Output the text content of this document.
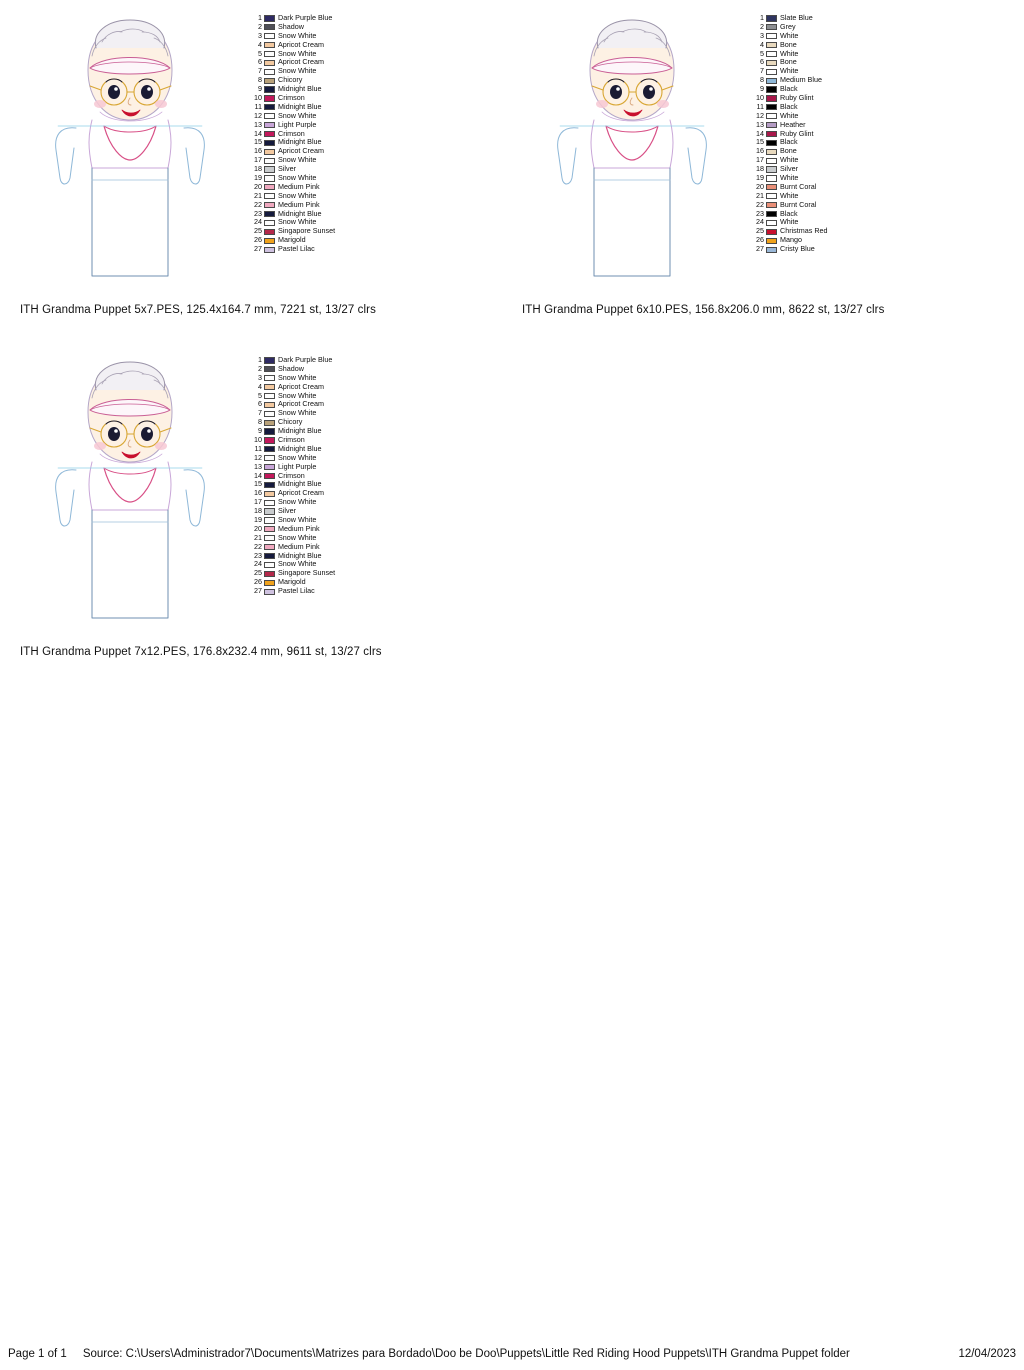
1 Dark Purple Blue
2 Shadow
3 Snow White
4 Apricot Cream
5 Snow White
6 Apricot Cream
7 Snow White
8 Chicory
9 Midnight Blue
10 Crimson
11 Midnight Blue
12 Snow White
13 Light Purple
14 Crimson
15 Midnight Blue
16 Apricot Cream
17 Snow White
18 Silver
19 Snow White
20 Medium Pink
21 Snow White
22 Medium Pink
23 Midnight Blue
24 Snow White
25 Singapore Sunset
26 Marigold
27 Pastel Lilac
ITH Grandma Puppet 5x7.PES, 125.4x164.7 mm, 7221 st, 13/27 clrs
1 Slate Blue
2 Grey
3 White
4 Bone
5 White
6 Bone
7 White
8 Medium Blue
9 Black
10 Ruby Glint
11 Black
12 White
13 Heather
14 Ruby Glint
15 Black
16 Bone
17 White
18 Silver
19 White
20 Burnt Coral
21 White
22 Burnt Coral
23 Black
24 White
25 Christmas Red
26 Mango
27 Cristy Blue
ITH Grandma Puppet 6x10.PES, 156.8x206.0 mm, 8622 st, 13/27 clrs
1 Dark Purple Blue
2 Shadow
3 Snow White
4 Apricot Cream
5 Snow White
6 Apricot Cream
7 Snow White
8 Chicory
9 Midnight Blue
10 Crimson
11 Midnight Blue
12 Snow White
13 Light Purple
14 Crimson
15 Midnight Blue
16 Apricot Cream
17 Snow White
18 Silver
19 Snow White
20 Medium Pink
21 Snow White
22 Medium Pink
23 Midnight Blue
24 Snow White
25 Singapore Sunset
26 Marigold
27 Pastel Lilac
ITH Grandma Puppet 7x12.PES, 176.8x232.4 mm, 9611 st, 13/27 clrs
Page 1 of 1 Source: C:\Users\Administrador7\Documents\Matrizes para Bordado\Doo be Doo\Puppets\Little Red Riding Hood Puppets\ITH Grandma Puppet folder	12/04/2023
